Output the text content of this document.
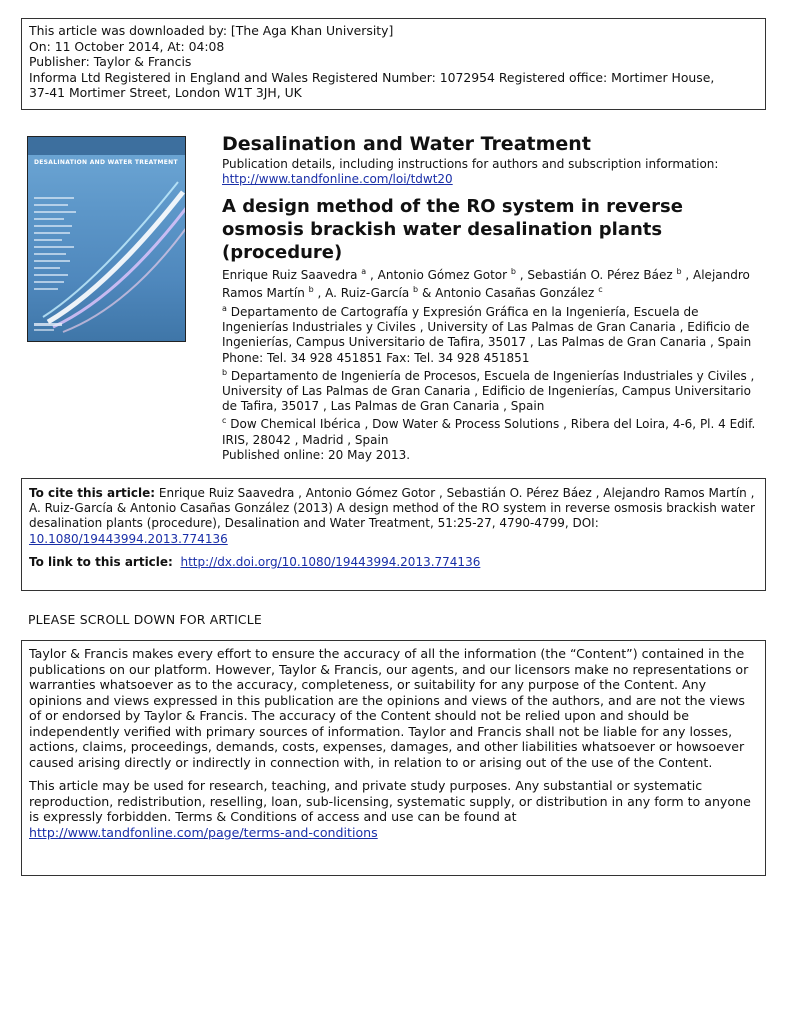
This article was downloaded by: [The Aga Khan University]
On: 11 October 2014, At: 04:08
Publisher: Taylor & Francis
Informa Ltd Registered in England and Wales Registered Number: 1072954 Registered office: Mortimer House,
37-41 Mortimer Street, London W1T 3JH, UK
DESALINATION AND WATER TREATMENT
Desalination and Water Treatment
Publication details, including instructions for authors and subscription information:
http://www.tandfonline.com/loi/tdwt20
A design method of the RO system in reverse osmosis brackish water desalination plants (procedure)
Enrique Ruiz Saavedra $^a$ , Antonio Gómez Gotor $^b$ , Sebastián O. Pérez Báez $^b$ , Alejandro Ramos Martín $^b$ , A. Ruiz-García $^b$ & Antonio Casañas González $^c$
$^a$ Departamento de Cartografía y Expresión Gráfica en la Ingeniería, Escuela de Ingenierías Industriales y Civiles , University of Las Palmas de Gran Canaria , Edificio de Ingenierías, Campus Universitario de Tafira, 35017 , Las Palmas de Gran Canaria , Spain Phone: Tel. 34 928 451851 Fax: Tel. 34 928 451851
$^b$ Departamento de Ingeniería de Procesos, Escuela de Ingenierías Industriales y Civiles , University of Las Palmas de Gran Canaria , Edificio de Ingenierías, Campus Universitario de Tafira, 35017 , Las Palmas de Gran Canaria , Spain
$^c$ Dow Chemical Ibérica , Dow Water & Process Solutions , Ribera del Loira, 4-6, Pl. 4 Edif. IRIS, 28042 , Madrid , Spain
Published online: 20 May 2013.
To cite this article: Enrique Ruiz Saavedra , Antonio Gómez Gotor , Sebastián O. Pérez Báez , Alejandro Ramos Martín , A. Ruiz-García & Antonio Casañas González (2013) A design method of the RO system in reverse osmosis brackish water desalination plants (procedure), Desalination and Water Treatment, 51:25-27, 4790-4799, DOI: 10.1080/19443994.2013.774136
To link to this article: http://dx.doi.org/10.1080/19443994.2013.774136
PLEASE SCROLL DOWN FOR ARTICLE

Taylor & Francis makes every effort to ensure the accuracy of all the information (the “Content”) contained in the publications on our platform. However, Taylor & Francis, our agents, and our licensors make no representations or warranties whatsoever as to the accuracy, completeness, or suitability for any purpose of the Content. Any opinions and views expressed in this publication are the opinions and views of the authors, and are not the views of or endorsed by Taylor & Francis. The accuracy of the Content should not be relied upon and should be independently verified with primary sources of information. Taylor and Francis shall not be liable for any losses, actions, claims, proceedings, demands, costs, expenses, damages, and other liabilities whatsoever or howsoever caused arising directly or indirectly in connection with, in relation to or arising out of the use of the Content.

This article may be used for research, teaching, and private study purposes. Any substantial or systematic reproduction, redistribution, reselling, loan, sub-licensing, systematic supply, or distribution in any form to anyone is expressly forbidden. Terms & Conditions of access and use can be found at http://www.tandfonline.com/page/terms-and-conditions
